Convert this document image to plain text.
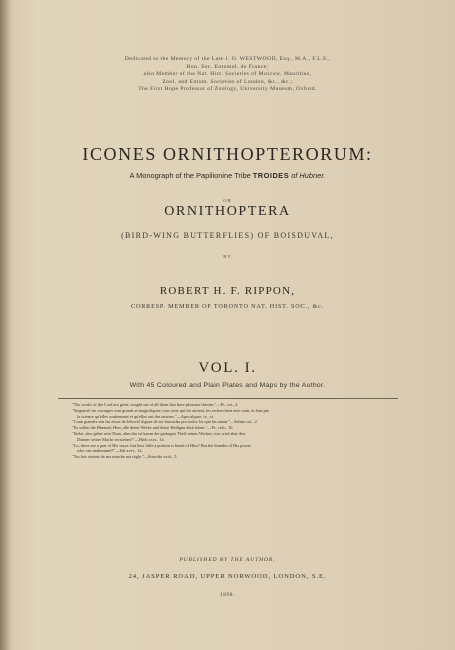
Dedicated to the Memory of the Late J. O. WESTWOOD, Esq., M.A., F.L.S.,
Hon. Soc. Entomol. de France;
also Member of the Nat. Hist. Societies of Moscow, Mauritius,
Zool. and Entom. Societies of London, &c., &c.;
The First Hope Professor of Zoology, University Museum, Oxford.
ICONES ORNITHOPTERORUM:
A Monograph of the Papilionine Tribe TROIDES of Hubner.
OR
ORNITHOPTERA
(BIRD-WING BUTTERFLIES) OF BOISDUVAL,
BY
ROBERT H. F. RIPPON,
CORRESP. MEMBER OF TORONTO NAT. HIST. SOC., &c.
VOL. I.
With 45 Coloured and Plain Plates and Maps by the Author.
"The works of the Lord are great, sought out of all them that have pleasure therein."—Ps. cxi., 2.
"Seigneur! tes ouvrages sont grands et magnifiques; tous ceux qui les aiment, les recherchent avec soin, et font par
la science qu'elles soutiennent et qu'elles ont des œuvres."—Apocalypse, iv., xi.
"Cuan grandes son las obras de Jehová! dignas de ser buscadas por todos los que las aman."—Salmo cxi., 2.
"Es sollen die Himmel, Herr, alle deine Werke und deine Heiligen dich loben."—Ps. cxlv., 10.
"Siehe, also gehet sein Thun, aber das ist kaum der geringste Theil seines Werkes; wer wird aber den
Donner seiner Macht verstehen?"—Hiob xxvi., 14.
"Lo, these are a part of His ways: but how little a portion is heard of Him? But the thunder of His power
who can understand?"—Job xxvi., 14.
"Tes lois etoient de ma marche ma règle."—Siracide xxiii., 5.
PUBLISHED BY THE AUTHOR,
24, JASPER ROAD, UPPER NORWOOD, LONDON, S.E.
1898.
